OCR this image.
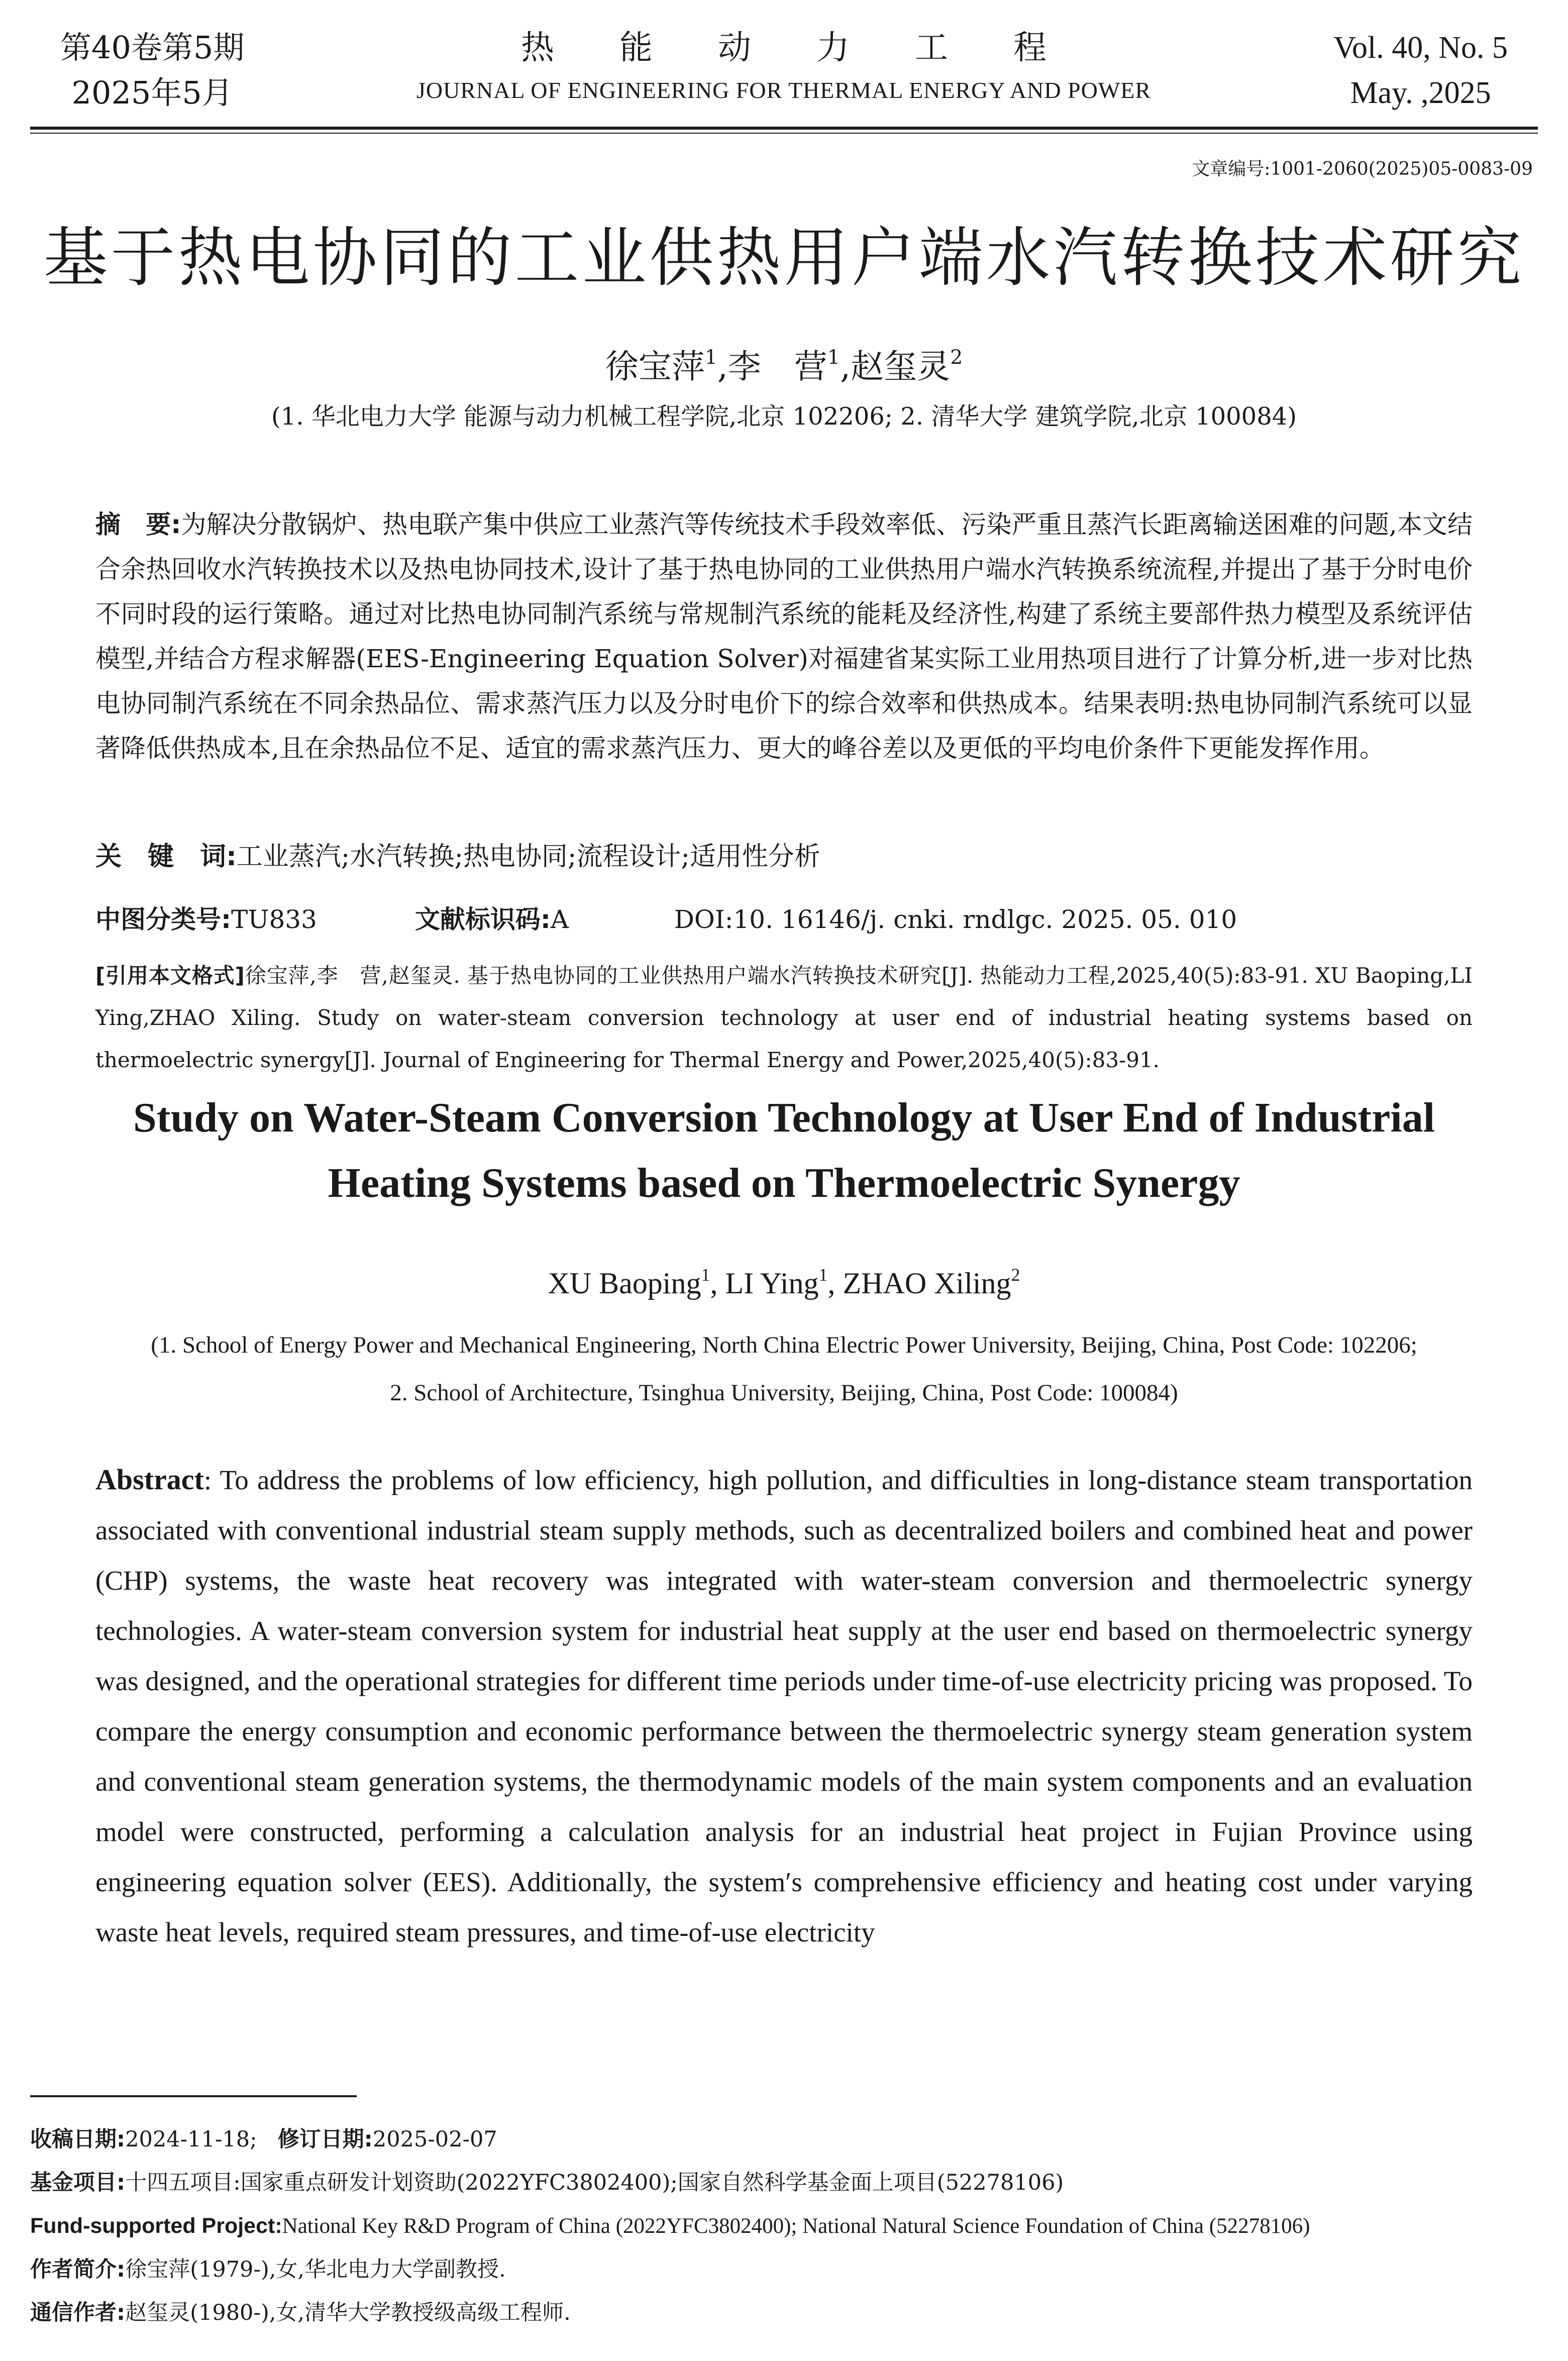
第40卷第5期
2025年5月
热能动力工程
JOURNAL OF ENGINEERING FOR THERMAL ENERGY AND POWER
Vol. 40, No. 5
May. ,2025
文章编号:1001-2060(2025)05-0083-09
基于热电协同的工业供热用户端水汽转换技术研究
徐宝萍$^1$,李　营$^1$,赵玺灵$^2$
(1. 华北电力大学 能源与动力机械工程学院,北京 102206; 2. 清华大学 建筑学院,北京 100084)
摘　要:为解决分散锅炉、热电联产集中供应工业蒸汽等传统技术手段效率低、污染严重且蒸汽长距离输送困难的问题,本文结合余热回收水汽转换技术以及热电协同技术,设计了基于热电协同的工业供热用户端水汽转换系统流程,并提出了基于分时电价不同时段的运行策略。通过对比热电协同制汽系统与常规制汽系统的能耗及经济性,构建了系统主要部件热力模型及系统评估模型,并结合方程求解器(EES-Engineering Equation Solver)对福建省某实际工业用热项目进行了计算分析,进一步对比热电协同制汽系统在不同余热品位、需求蒸汽压力以及分时电价下的综合效率和供热成本。结果表明:热电协同制汽系统可以显著降低供热成本,且在余热品位不足、适宜的需求蒸汽压力、更大的峰谷差以及更低的平均电价条件下更能发挥作用。
关　键　词:工业蒸汽;水汽转换;热电协同;流程设计;适用性分析
中图分类号:TU833	文献标识码:A	DOI:10. 16146/j. cnki. rndlgc. 2025. 05. 010
[引用本文格式]徐宝萍,李　营,赵玺灵. 基于热电协同的工业供热用户端水汽转换技术研究[J]. 热能动力工程,2025,40(5):83-91. XU Baoping,LI Ying,ZHAO Xiling. Study on water-steam conversion technology at user end of industrial heating systems based on thermoelectric synergy[J]. Journal of Engineering for Thermal Energy and Power,2025,40(5):83-91.
Study on Water-Steam Conversion Technology at User End of Industrial
Heating Systems based on Thermoelectric Synergy
XU Baoping$^1$, LI Ying$^1$, ZHAO Xiling$^2$
(1. School of Energy Power and Mechanical Engineering, North China Electric Power University, Beijing, China, Post Code: 102206;
2. School of Architecture, Tsinghua University, Beijing, China, Post Code: 100084)
Abstract: To address the problems of low efficiency, high pollution, and difficulties in long-distance steam transportation associated with conventional industrial steam supply methods, such as decentralized boilers and combined heat and power (CHP) systems, the waste heat recovery was integrated with water-steam conversion and thermoelectric synergy technologies. A water-steam conversion system for industrial heat supply at the user end based on thermoelectric synergy was designed, and the operational strategies for different time periods under time-of-use electricity pricing was proposed. To compare the energy consumption and economic performance between the thermoelectric synergy steam generation system and conventional steam generation systems, the thermodynamic models of the main system components and an evaluation model were constructed, performing a calculation analysis for an industrial heat project in Fujian Province using engineering equation solver (EES). Additionally, the system′s comprehensive efficiency and heating cost under varying waste heat levels, required steam pressures, and time-of-use electricity
收稿日期:2024-11-18; 修订日期:2025-02-07
基金项目:十四五项目:国家重点研发计划资助(2022YFC3802400);国家自然科学基金面上项目(52278106)
Fund-supported Project:National Key R&D Program of China (2022YFC3802400); National Natural Science Foundation of China (52278106)
作者简介:徐宝萍(1979-),女,华北电力大学副教授.
通信作者:赵玺灵(1980-),女,清华大学教授级高级工程师.
